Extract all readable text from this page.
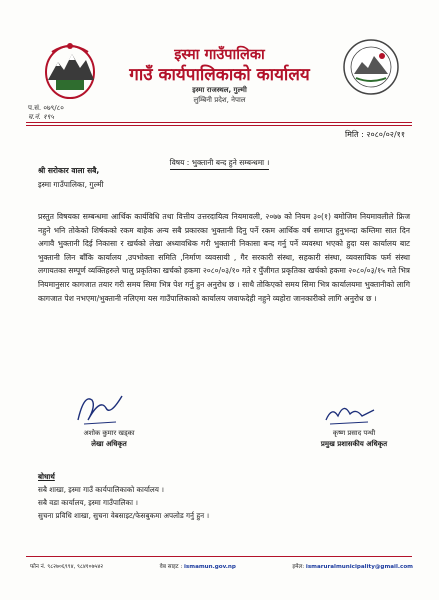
इस्मा गाउँपालिका
गाउँ कार्यपालिकाको कार्यालय
इस्मा राजस्थल, गुल्मी
लुम्बिनी प्रदेश, नेपाल
प.सं. ०७९/८०
च.नं. १९५
मिति : २०८०/०२/११
विषय : भुक्तानी बन्द हुने सम्बन्धमा ।
श्री सरोकार वाला सबै,
इस्मा गाउँपालिका, गुल्मी
प्रस्तुत विषयका सम्बन्धमा आर्थिक कार्यविधि तथा वित्तीय उत्तरदायित्व नियमावली, २०७७ को नियम ३०(१) बमोजिम नियमावलीले फ्रिज नहुने भनि तोकेको शिर्षकको रकम बाहेक अन्य सबै प्रकारका भुक्तानी दिनु पर्ने रकम आर्थिक वर्ष समाप्त हुनुभन्दा कम्तिमा सात दिन अगावै भुक्तानी दिई निकासा र खर्चको लेखा अध्यावधिक गरी भुक्तानी निकासा बन्द गर्नु पर्ने व्यवस्था भएको हुदा यस कार्यालय बाट भुक्तानी लिन बाँकि कार्यालय ,उपभोक्ता समिति ,निर्माण व्यवसायी , गैर सरकारी संस्था, सहकारी संस्था, व्यवसायिक फर्म संस्था लगायतका सम्पूर्ण व्यक्तिहरुले चालु प्रकृतिका खर्चको हकमा २०८०/०३/१० गते र पुँजीगत प्रकृतिका खर्चको हकमा २०८०/०३/१५ गते भित्र नियमानुसार कागजात तयार गरी समय सिमा भित्र पेश गर्नु हुन अनुरोध छ । साथै तोकिएको समय सिमा भित्र कार्यालयमा भुक्तानीको लागि कागजात पेश नभएमा/भुक्तानी नलिएमा यस गाउँपालिकाको कार्यालय जवाफदेही नहुने व्यहोरा जानकारीको लागि अनुरोध छ ।
अशोक कुमार खड्का
लेखा अधिकृत
कृष्ण प्रसाद पन्थी
प्रमुख प्रशासकीय अधिकृत
बोधार्थ
सबै शाखा, इस्मा गाउँ कार्यपालिकाको कार्यालय ।
सबै वडा कार्यालय, इस्मा गाउँपालिका ।
सुचना प्रविधि शाखा, सुचना वेबसाइट/फेसबुकमा अपलोड गर्नु हुन ।
फोन नं. ९८२७०६९९४, ९८४१०७५४२	वेब साइट : ismamun.gov.np	इमेल: ismaruralmunicipality@gmail.com
